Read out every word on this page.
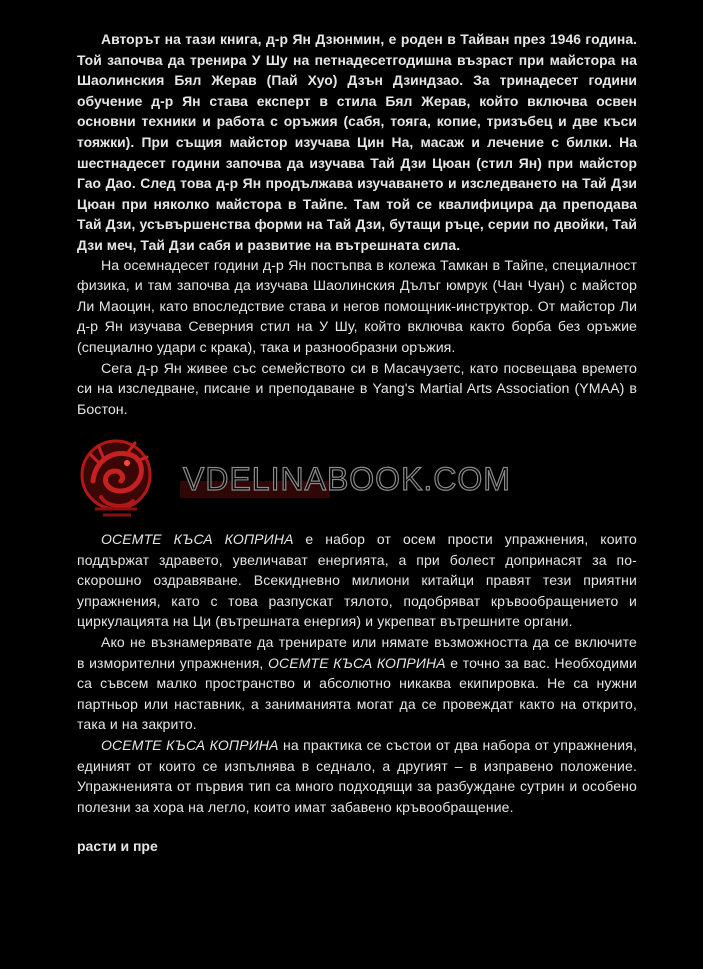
Авторът на тази книга, д-р Ян Дзюнмин, е роден в Тайван през 1946 година. Той започва да тренира У Шу на петнадесетгодишна възраст при майстора на Шаолинския Бял Жерав (Пай Хуо) Дзън Дзиндзао. За тринадесет години обучение д-р Ян става експерт в стила Бял Жерав, който включва освен основни техники и работа с оръжия (сабя, тояга, копие, тризъбец и две къси тояжки). При същия майстор изучава Цин На, масаж и лечение с билки. На шестнадесет години започва да изучава Тай Дзи Цюан (стил Ян) при майстор Гао Дао. След това д-р Ян продължава изучаването и изследването на Тай Дзи Цюан при няколко майстора в Тайпе. Там той се квалифицира да преподава Тай Дзи, усъвършенства форми на Тай Дзи, бутащи ръце, серии по двойки, Тай Дзи меч, Тай Дзи сабя и развитие на вътрешната сила.

На осемнадесет години д-р Ян постъпва в колежа Тамкан в Тайпе, специалност физика, и там започва да изучава Шаолинския Дълъг юмрук (Чан Чуан) с майстор Ли Маоцин, като впоследствие става и негов помощник-инструктор. От майстор Ли д-р Ян изучава Северния стил на У Шу, който включва както борба без оръжие (специално удари с крака), така и разнообразни оръжия.

Сега д-р Ян живее със семейството си в Масачузетс, като посвещава времето си на изследване, писане и преподаване в Yang's Martial Arts Association (YMAA) в Бостон.

VDELINABOOK.COM

ОСЕМТЕ КЪСА КОПРИНА е набор от осем прости упражнения, които поддържат здравето, увеличават енергията, а при болест допринасят за по-скорошно оздравяване. Всекидневно милиони китайци правят тези приятни упражнения, като с това разпускат тялото, подобряват кръвообращението и циркулацията на Ци (вътрешната енергия) и укрепват вътрешните органи.

Ако не възнамерявате да тренирате или нямате възможността да се включите в изморителни упражнения, ОСЕМТЕ КЪСА КОПРИНА е точно за вас. Необходими са съвсем малко пространство и абсолютно никаква екипировка. Не са нужни партньор или наставник, а заниманията могат да се провеждат както на открито, така и на закрито.

ОСЕМТЕ КЪСА КОПРИНА на практика се състои от два набора от упражнения, единият от които се изпълнява в седнало, а другият – в изправено положение. Упражненията от първия тип са много подходящи за разбуждане сутрин и особено полезни за хора на легло, които имат забавено кръвообращение.

расти и пре
